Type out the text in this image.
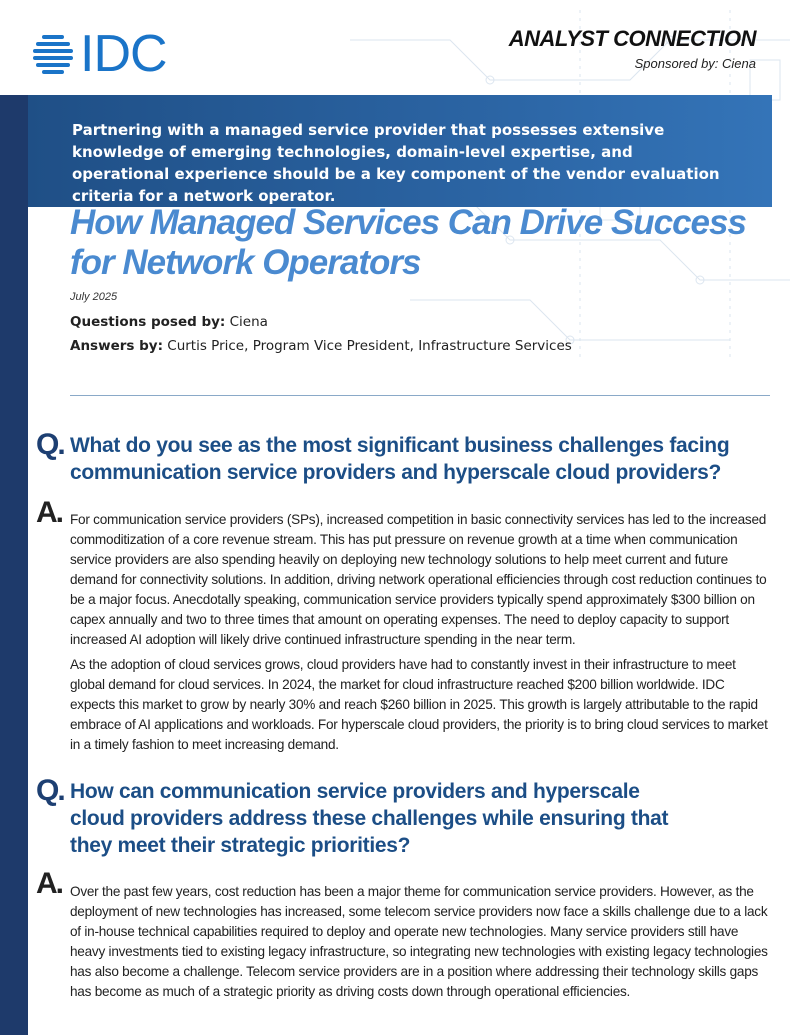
IDC	ANALYST CONNECTION
Sponsored by: Ciena
Partnering with a managed service provider that possesses extensive knowledge of emerging technologies, domain-level expertise, and operational experience should be a key component of the vendor evaluation criteria for a network operator.
How Managed Services Can Drive Success for Network Operators
July 2025
Questions posed by: Ciena
Answers by: Curtis Price, Program Vice President, Infrastructure Services
Q. What do you see as the most significant business challenges facing communication service providers and hyperscale cloud providers?
A. For communication service providers (SPs), increased competition in basic connectivity services has led to the increased commoditization of a core revenue stream. This has put pressure on revenue growth at a time when communication service providers are also spending heavily on deploying new technology solutions to help meet current and future demand for connectivity solutions. In addition, driving network operational efficiencies through cost reduction continues to be a major focus. Anecdotally speaking, communication service providers typically spend approximately $300 billion on capex annually and two to three times that amount on operating expenses. The need to deploy capacity to support increased AI adoption will likely drive continued infrastructure spending in the near term.
As the adoption of cloud services grows, cloud providers have had to constantly invest in their infrastructure to meet global demand for cloud services. In 2024, the market for cloud infrastructure reached $200 billion worldwide. IDC expects this market to grow by nearly 30% and reach $260 billion in 2025. This growth is largely attributable to the rapid embrace of AI applications and workloads. For hyperscale cloud providers, the priority is to bring cloud services to market in a timely fashion to meet increasing demand.
Q. How can communication service providers and hyperscale cloud providers address these challenges while ensuring that they meet their strategic priorities?
A. Over the past few years, cost reduction has been a major theme for communication service providers. However, as the deployment of new technologies has increased, some telecom service providers now face a skills challenge due to a lack of in-house technical capabilities required to deploy and operate new technologies. Many service providers still have heavy investments tied to existing legacy infrastructure, so integrating new technologies with existing legacy technologies has also become a challenge. Telecom service providers are in a position where addressing their technology skills gaps has become as much of a strategic priority as driving costs down through operational efficiencies.
